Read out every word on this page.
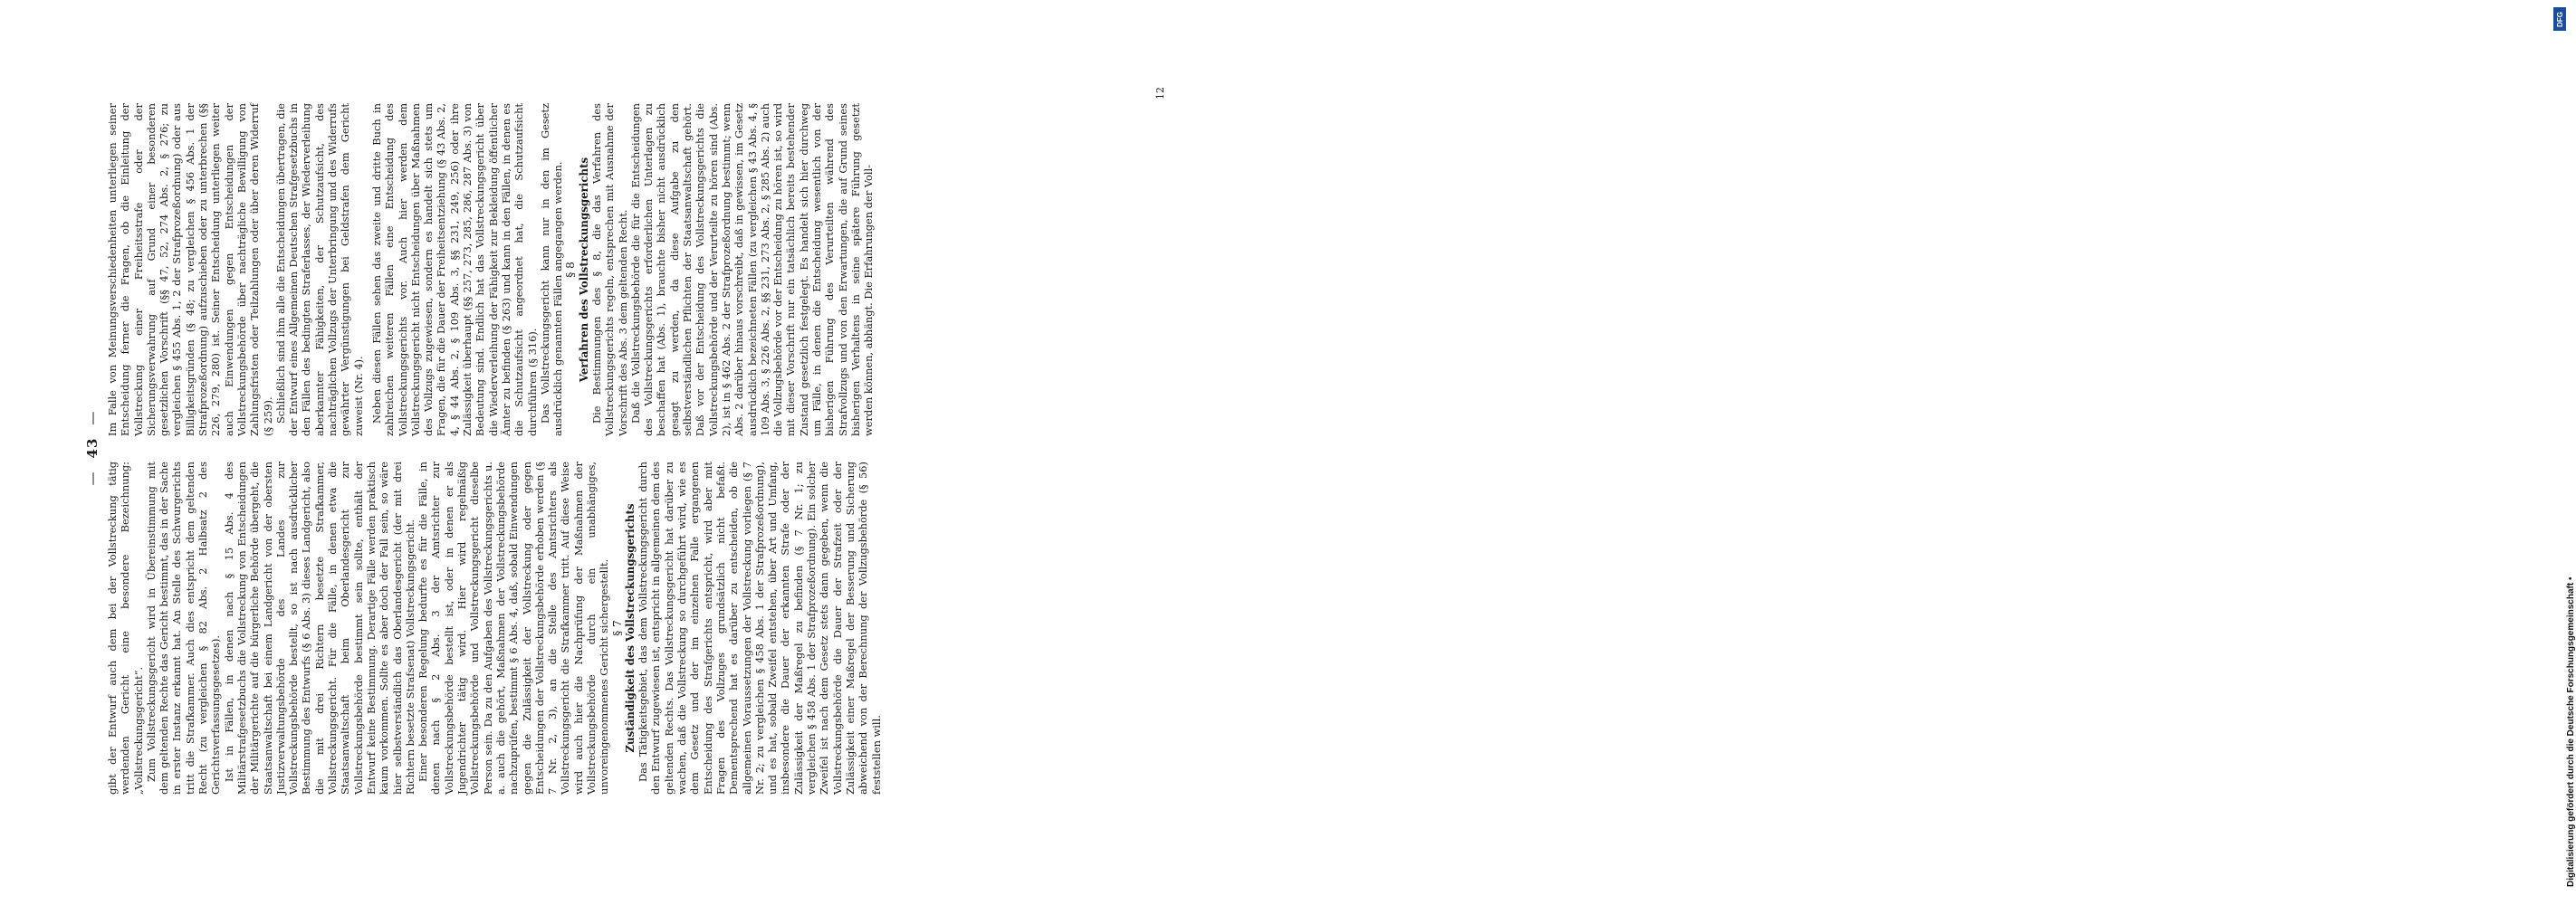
—43—

gibt der Entwurf auch dem bei der Vollstreckung tätig werdenden Gericht eine besondere Bezeichnung: „Vollstreckungsgericht“. Zum Vollstreckungsgericht wird in Übereinstimmung mit dem geltenden Rechte das Gericht bestimmt, das in der Sache in erster Instanz erkannt hat. An Stelle des Schwurgerichts tritt die Strafkammer. Auch dies entspricht dem geltenden Recht (zu vergleichen § 82 Abs. 2 Halbsatz 2 des Gerichtsverfassungsgesetzes). Ist in Fällen, in denen nach § 15 Abs. 4 des Militärstrafgesetzbuchs die Vollstreckung von Entscheidungen der Militärgerichte auf die bürgerliche Behörde übergeht, die Staatsanwaltschaft bei einem Landgericht von der obersten Justizverwaltungsbehörde des Landes zur Vollstreckungsbehörde bestellt, so ist nach ausdrücklicher Bestimmung des Entwurfs (§ 6 Abs. 3) dieses Landgericht, also die mit drei Richtern besetzte Strafkammer, Vollstreckungsgericht. Für die Fälle, in denen etwa die Staatsanwaltschaft beim Oberlandesgericht zur Vollstreckungsbehörde bestimmt sein sollte, enthält der Entwurf keine Bestimmung. Derartige Fälle werden praktisch kaum vorkommen. Sollte es aber doch der Fall sein, so wäre hier selbstverständlich das Oberlandesgericht (der mit drei Richtern besetzte Strafsenat) Vollstreckungsgericht. Einer besonderen Regelung bedurfte es für die Fälle, in denen nach § 2 Abs. 3 der Amtsrichter zur Vollstreckungsbehörde bestellt ist, oder in denen er als Jugendrichter tätig wird. Hier wird regelmäßig Vollstreckungsbehörde und Vollstreckungsgericht dieselbe Person sein. Da zu den Aufgaben des Vollstreckungsgerichts u. a. auch die gehört, Maßnahmen der Vollstreckungsbehörde nachzuprüfen, bestimmt § 6 Abs. 4, daß, sobald Einwendungen gegen die Zulässigkeit der Vollstreckung oder gegen Entscheidungen der Vollstreckungsbehörde erhoben werden (§ 7 Nr. 2, 3), an die Stelle des Amtsrichters als Vollstreckungsgericht die Strafkammer tritt. Auf diese Weise wird auch hier die Nachprüfung der Maßnahmen der Vollstreckungsbehörde durch ein unabhängiges, unvoreingenommenes Gericht sichergestellt. § 7 Zuständigkeit des Vollstreckungsgerichts Das Tätigkeitsgebiet, das dem Vollstreckungsgericht durch den Entwurf zugewiesen ist, entspricht in allgemeinen dem des geltenden Rechts. Das Vollstreckungsgericht hat darüber zu wachen, daß die Vollstreckung so durchgeführt wird, wie es dem Gesetz und der im einzelnen Falle ergangenen Entscheidung des Strafgerichts entspricht, wird aber mit Fragen des Vollzuges grundsätzlich nicht befaßt. Dementsprechend hat es darüber zu entscheiden, ob die allgemeinen Voraussetzungen der Vollstreckung vorliegen (§ 7 Nr. 2; zu vergleichen § 458 Abs. 1 der Strafprozeßordnung), und es hat, sobald Zweifel entstehen, über Art und Umfang, insbesondere die Dauer der erkannten Strafe oder der Zulässigkeit der Maßregel zu befinden (§ 7 Nr. 1; zu vergleichen § 458 Abs. 1 der Strafprozeßordnung). Ein solcher Zweifel ist nach dem Gesetz stets dann gegeben, wenn die Vollstreckungsbehörde die Dauer der Strafzeit oder der Zulässigkeit einer Maßregel der Besserung und Sicherung abweichend von der Berechnung der Vollzugsbehörde (§ 56) feststellen will.

Im Falle von Meinungsverschiedenheiten unterliegen seiner Entscheidung ferner die Fragen, ob die Einleitung der Vollstreckung einer Freiheitsstrafe oder der Sicherungsverwahrung auf Grund einer besonderen gesetzlichen Vorschrift (§§ 47, 52, 274 Abs. 2, § 276; zu vergleichen § 455 Abs. 1, 2 der Strafprozeßordnung) oder aus Billigkeitsgründen (§ 48; zu vergleichen § 456 Abs. 1 der Strafprozeßordnung) aufzuschieben oder zu unterbrechen (§§ 226, 279, 280) ist. Seiner Entscheidung unterliegen weiter auch Einwendungen gegen Entscheidungen der Vollstreckungsbehörde über nachträgliche Bewilligung von Zahlungsfristen oder Teilzahlungen oder über deren Widerruf (§ 259). Schließlich sind ihm alle die Entscheidungen übertragen, die der Entwurf eines Allgemeinen Deutschen Strafgesetzbuchs in den Fällen des bedingten Straferlasses, der Wiederverleihung aberkannter Fähigkeiten, der Schutzaufsicht, des nachträglichen Vollzugs der Unterbringung und des Widerrufs gewährter Vergünstigungen bei Geldstrafen dem Gericht zuweist (Nr. 4). Neben diesen Fällen sehen das zweite und dritte Buch in zahlreichen weiteren Fällen eine Entscheidung des Vollstreckungsgerichts vor. Auch hier werden dem Vollstreckungsgericht nicht Entscheidungen über Maßnahmen des Vollzugs zugewiesen, sondern es handelt sich stets um Fragen, die für die Dauer der Freiheitsentziehung (§ 43 Abs. 2, 4, § 44 Abs. 2, § 109 Abs. 3, §§ 231, 249, 256) oder ihre Zulässigkeit überhaupt (§§ 257, 273, 285, 286, 287 Abs. 3) von Bedeutung sind. Endlich hat das Vollstreckungsgericht über die Wiederverleihung der Fähigkeit zur Bekleidung öffentlicher Ämter zu befinden (§ 263) und kann in den Fällen, in denen es die Schutzaufsicht angeordnet hat, die Schutzaufsicht durchführen (§ 316). Das Vollstreckungsgericht kann nur in den im Gesetz ausdrücklich genannten Fällen angegangen werden. § 8 Verfahren des Vollstreckungsgerichts Die Bestimmungen des § 8, die das Verfahren des Vollstreckungsgerichts regeln, entsprechen mit Ausnahme der Vorschrift des Abs. 3 dem geltenden Recht. Daß die Vollstreckungsbehörde die für die Entscheidungen des Vollstreckungsgerichts erforderlichen Unterlagen zu beschaffen hat (Abs. 1), brauchte bisher nicht ausdrücklich gesagt zu werden, da diese Aufgabe zu den selbstverständlichen Pflichten der Staatsanwaltschaft gehört. Daß vor der Entscheidung des Vollstreckungsgerichts die Vollstreckungsbehörde und der Verurteilte zu hören sind (Abs. 2), ist in § 462 Abs. 2 der Strafprozeßordnung bestimmt; wenn Abs. 2 darüber hinaus vorschreibt, daß in gewissen, im Gesetz ausdrücklich bezeichneten Fällen (zu vergleichen § 43 Abs. 4, § 109 Abs. 3, § 226 Abs. 2, §§ 231, 273 Abs. 2, § 285 Abs. 2) auch die Vollzugsbehörde vor der Entscheidung zu hören ist, so wird mit dieser Vorschrift nur ein tatsächlich bereits bestehender Zustand gesetzlich festgelegt. Es handelt sich hier durchweg um Fälle, in denen die Entscheidung wesentlich von der bisherigen Führung des Verurteilten während des Strafvollzugs und von den Erwartungen, die auf Grund seines bisherigen Verhaltens in seine spätere Führung gesetzt werden können, abhängt. Die Erfahrungen der Voll-

12
DFG
Digitalisierung gefördert durch die Deutsche Forschungsgemeinschaft •
